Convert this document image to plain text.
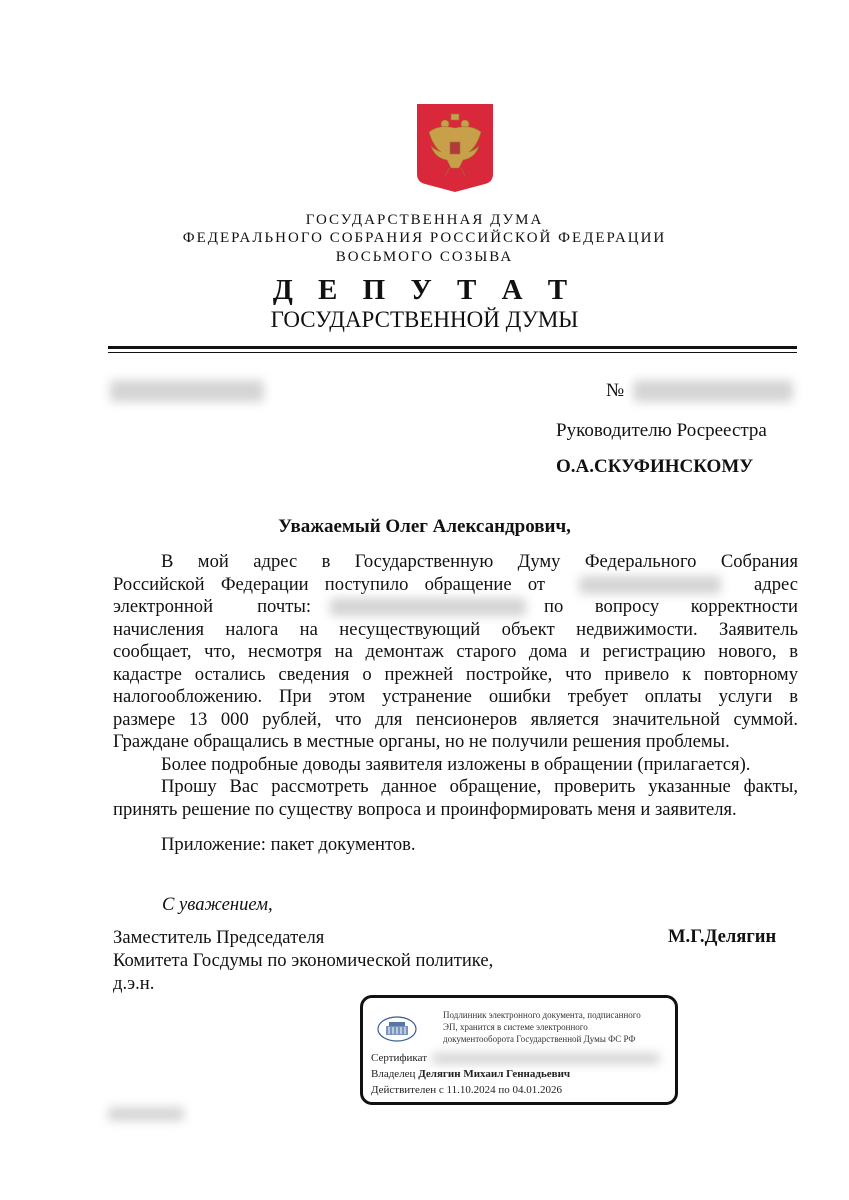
ГОСУДАРСТВЕННАЯ ДУМА
ФЕДЕРАЛЬНОГО СОБРАНИЯ РОССИЙСКОЙ ФЕДЕРАЦИИ
ВОСЬМОГО СОЗЫВА
Д Е П У Т А Т
ГОСУДАРСТВЕННОЙ ДУМЫ
№
Руководителю Росреестра
О.А.СКУФИНСКОМУ
Уважаемый Олег Александрович,
В мой адрес в Государственную Думу Федерального Собрания
Российской Федерации поступило обращение от	адрес
электронной почты:	по вопросу корректности
начисления налога на несуществующий объект недвижимости. Заявитель
сообщает, что, несмотря на демонтаж старого дома и регистрацию нового, в
кадастре остались сведения о прежней постройке, что привело к повторному
налогообложению. При этом устранение ошибки требует оплаты услуги в
размере 13 000 рублей, что для пенсионеров является значительной суммой.
Граждане обращались в местные органы, но не получили решения проблемы.
Более подробные доводы заявителя изложены в обращении (прилагается).
Прошу Вас рассмотреть данное обращение, проверить указанные факты,
принять решение по существу вопроса и проинформировать меня и заявителя.
Приложение: пакет документов.
С уважением,
Заместитель Председателя
Комитета Госдумы по экономической политике,
д.э.н.
М.Г.Делягин
Подлинник электронного документа, подписанного
ЭП, хранится в системе электронного
документооборота Государственной Думы ФС РФ
Сертификат
Владелец Делягин Михаил Геннадьевич
Действителен с 11.10.2024 по 04.01.2026
